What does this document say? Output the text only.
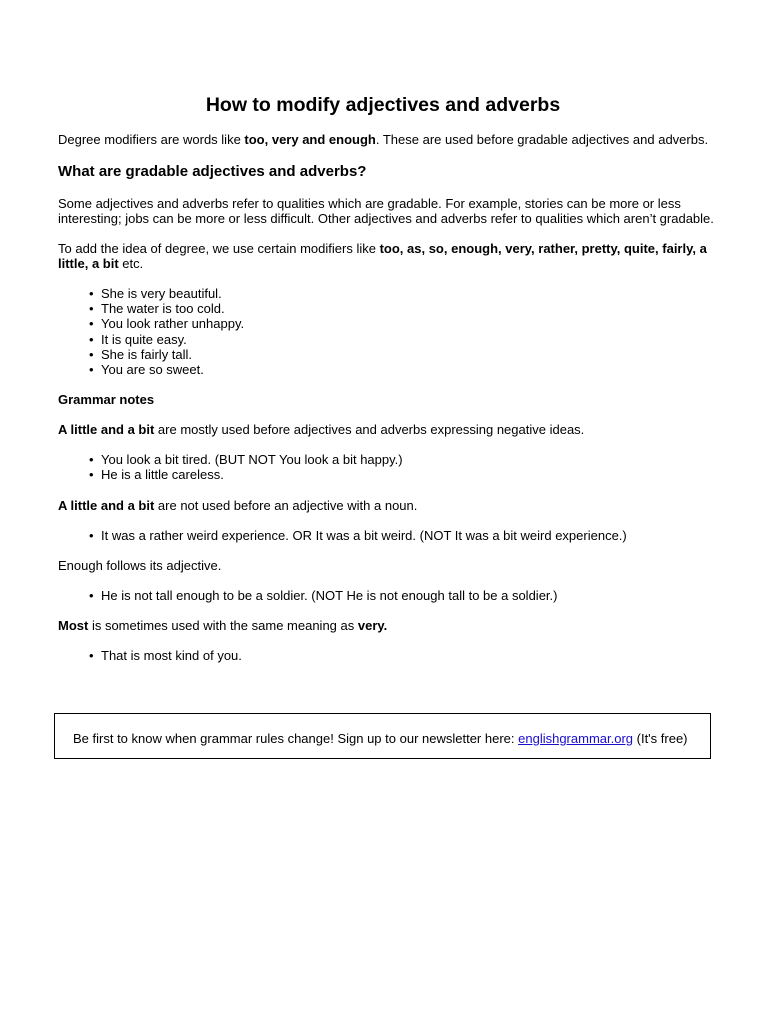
How to modify adjectives and adverbs

Degree modifiers are words like too, very and enough. These are used before gradable adjectives and adverbs.

What are gradable adjectives and adverbs?

Some adjectives and adverbs refer to qualities which are gradable. For example, stories can be more or less interesting; jobs can be more or less difficult. Other adjectives and adverbs refer to qualities which aren’t gradable.

To add the idea of degree, we use certain modifiers like too, as, so, enough, very, rather, pretty, quite, fairly, a little, a bit etc.

• She is very beautiful.
• The water is too cold.
• You look rather unhappy.
• It is quite easy.
• She is fairly tall.
• You are so sweet.

Grammar notes

A little and a bit are mostly used before adjectives and adverbs expressing negative ideas.

• You look a bit tired. (BUT NOT You look a bit happy.)
• He is a little careless.

A little and a bit are not used before an adjective with a noun.

• It was a rather weird experience. OR It was a bit weird. (NOT It was a bit weird experience.)

Enough follows its adjective.

• He is not tall enough to be a soldier. (NOT He is not enough tall to be a soldier.)

Most is sometimes used with the same meaning as very.

• That is most kind of you.
Be first to know when grammar rules change! Sign up to our newsletter here: englishgrammar.org (It's free)
